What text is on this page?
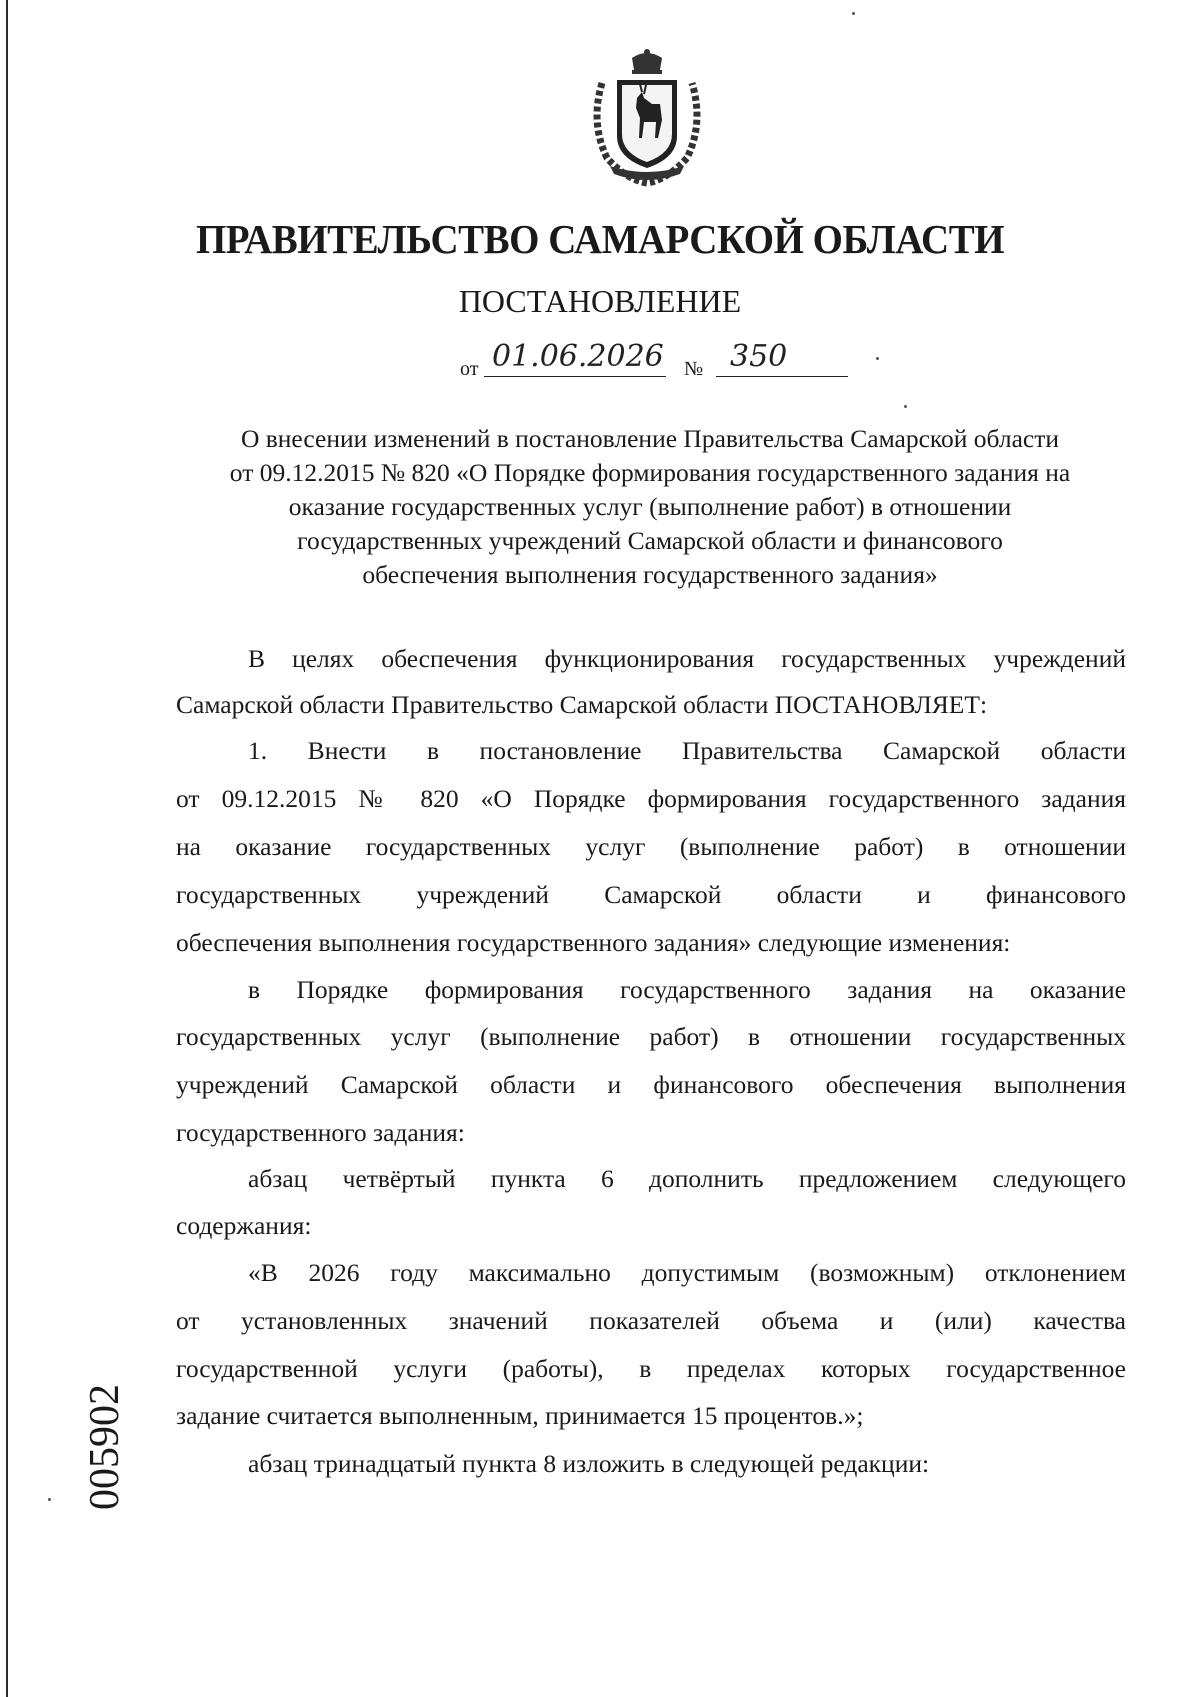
ПРАВИТЕЛЬСТВО САМАРСКОЙ ОБЛАСТИ
ПОСТАНОВЛЕНИЕ
от 01.06.2026 № 350
О внесении изменений в постановление Правительства Самарской области
от 09.12.2015 № 820 «О Порядке формирования государственного задания на
оказание государственных услуг (выполнение работ) в отношении
государственных учреждений Самарской области и финансового
обеспечения выполнения государственного задания»
В целях обеспечения функционирования государственных учреждений
Самарской области Правительство Самарской области ПОСТАНОВЛЯЕТ:
1. Внести в постановление Правительства Самарской области
от 09.12.2015 № 820 «О Порядке формирования государственного задания
на оказание государственных услуг (выполнение работ) в отношении
государственных учреждений Самарской области и финансового
обеспечения выполнения государственного задания» следующие изменения:
в Порядке формирования государственного задания на оказание
государственных услуг (выполнение работ) в отношении государственных
учреждений Самарской области и финансового обеспечения выполнения
государственного задания:
абзац четвёртый пункта 6 дополнить предложением следующего
содержания:
«В 2026 году максимально допустимым (возможным) отклонением
от установленных значений показателей объема и (или) качества
государственной услуги (работы), в пределах которых государственное
задание считается выполненным, принимается 15 процентов.»;
абзац тринадцатый пункта 8 изложить в следующей редакции:
005902
